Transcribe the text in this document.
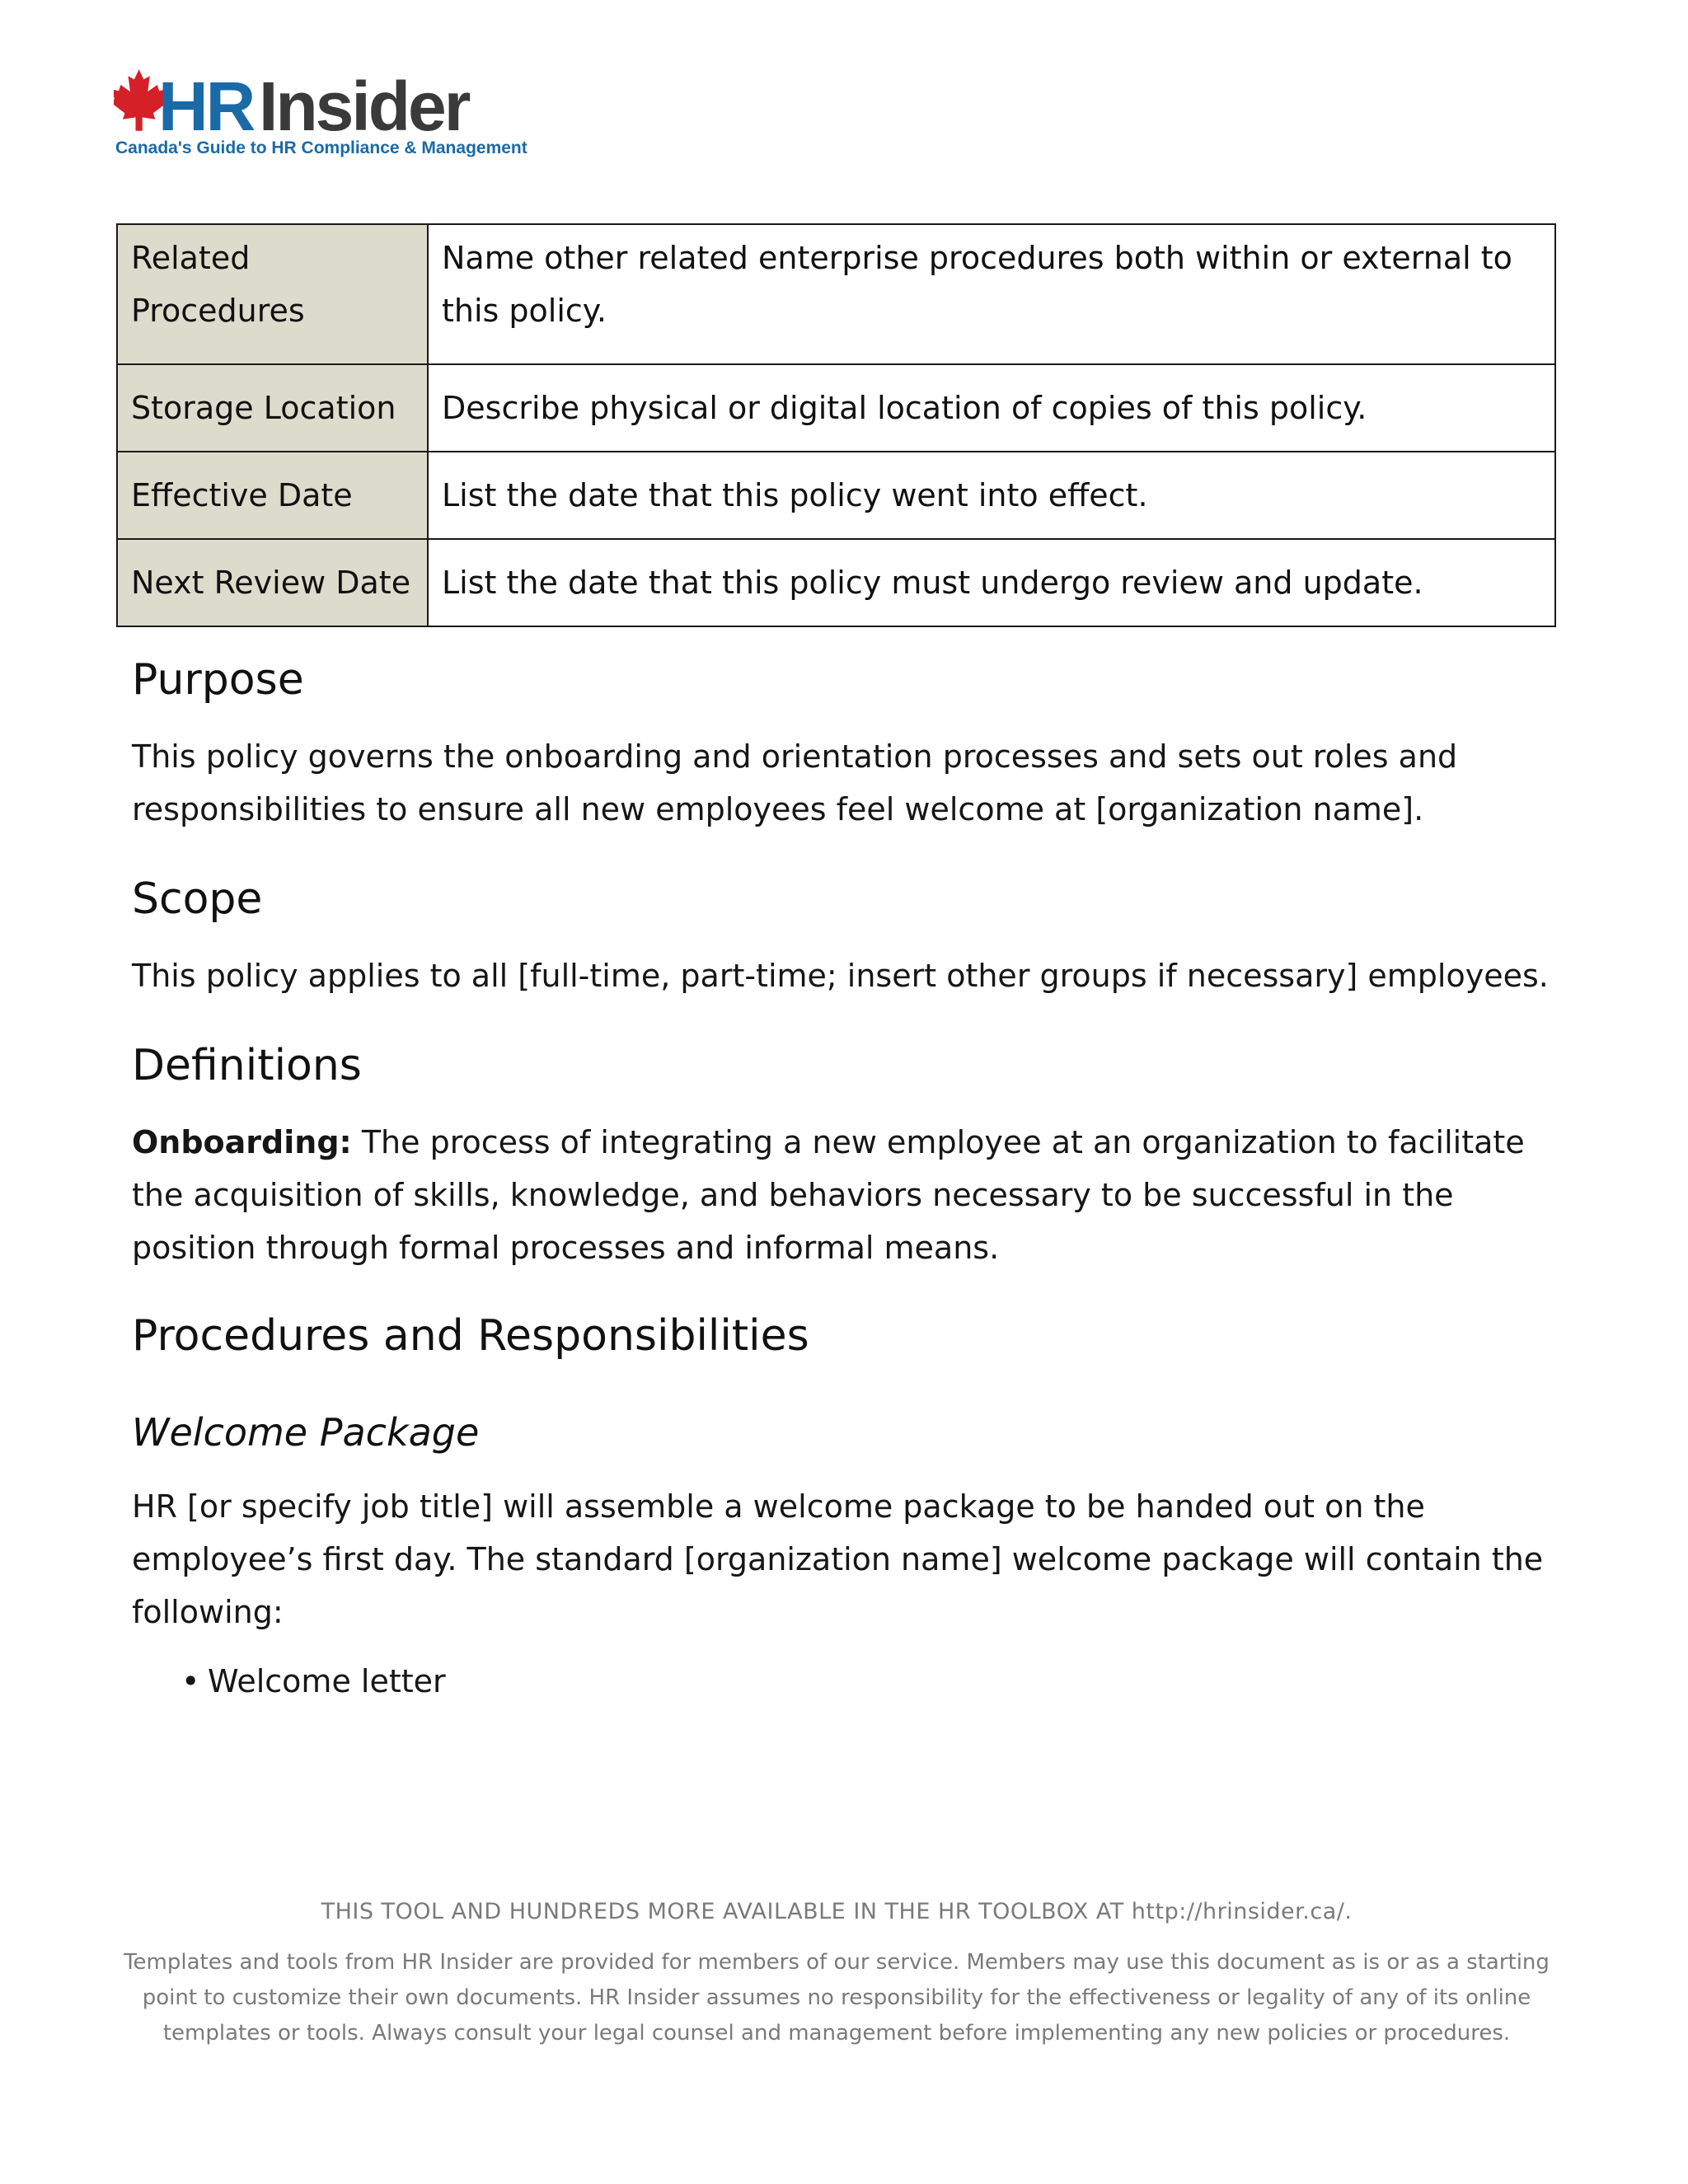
HR Insider
Canada's Guide to HR Compliance & Management
Related Procedures	Name other related enterprise procedures both within or external to this policy.
Storage Location	Describe physical or digital location of copies of this policy.
Effective Date	List the date that this policy went into effect.
Next Review Date	List the date that this policy must undergo review and update.
Purpose

This policy governs the onboarding and orientation processes and sets out roles and responsibilities to ensure all new employees feel welcome at [organization name].

Scope

This policy applies to all [full-time, part-time; insert other groups if necessary] employees.

Definitions

Onboarding: The process of integrating a new employee at an organization to facilitate the acquisition of skills, knowledge, and behaviors necessary to be successful in the position through formal processes and informal means.

Procedures and Responsibilities
Welcome Package

HR [or specify job title] will assemble a welcome package to be handed out on the employee’s first day. The standard [organization name] welcome package will contain the following:

• Welcome letter
THIS TOOL AND HUNDREDS MORE AVAILABLE IN THE HR TOOLBOX AT http://hrinsider.ca/.
Templates and tools from HR Insider are provided for members of our service. Members may use this document as is or as a starting point to customize their own documents. HR Insider assumes no responsibility for the effectiveness or legality of any of its online templates or tools. Always consult your legal counsel and management before implementing any new policies or procedures.
